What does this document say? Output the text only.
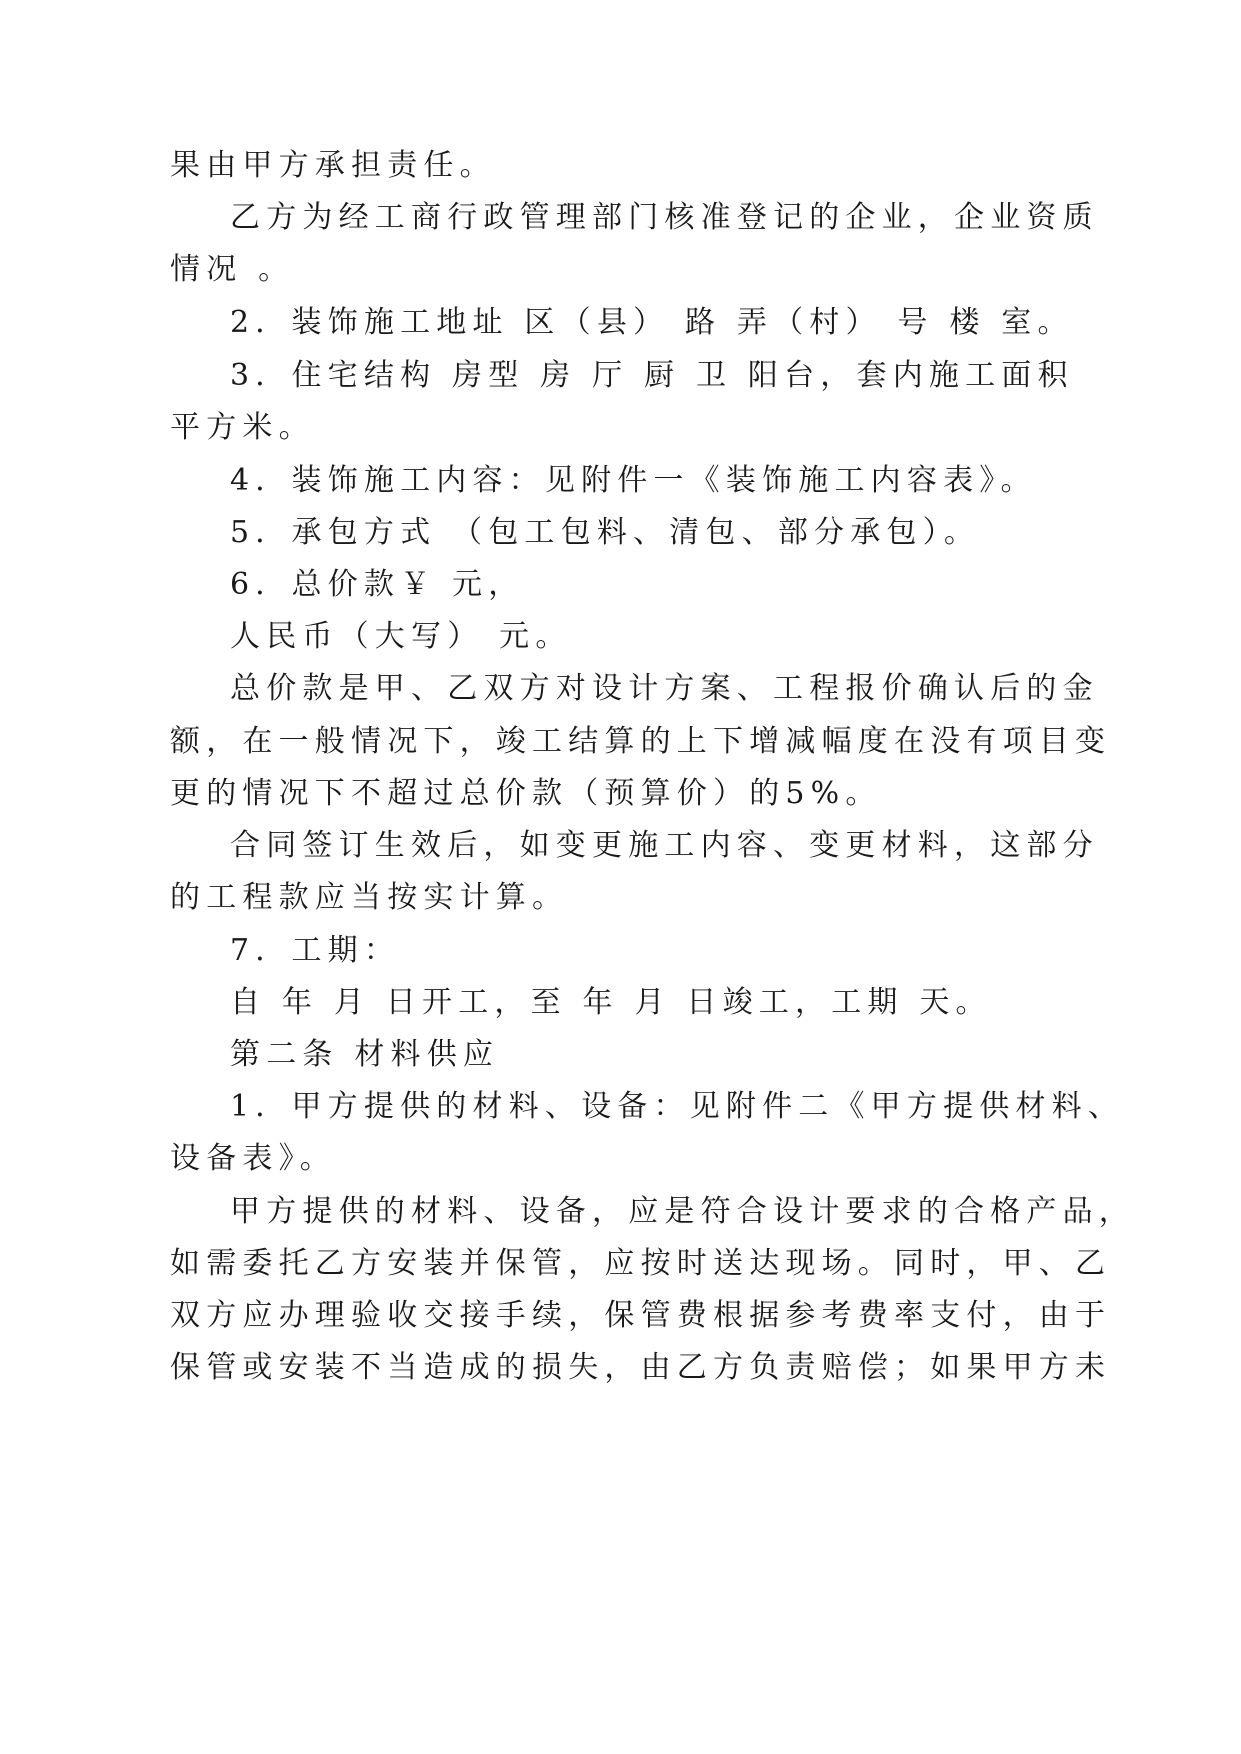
果由甲方承担责任。

乙方为经工商行政管理部门核准登记的企业，企业资质

情况 。

2．装饰施工地址 区（县） 路 弄（村） 号 楼 室。

3．住宅结构 房型 房 厅 厨 卫 阳台，套内施工面积

平方米。

4．装饰施工内容：见附件一《装饰施工内容表》。

5．承包方式 （包工包料、清包、部分承包）。

6．总价款￥ 元，

人民币（大写） 元。

总价款是甲、乙双方对设计方案、工程报价确认后的金

额，在一般情况下，竣工结算的上下增减幅度在没有项目变

更的情况下不超过总价款（预算价）的5%。

合同签订生效后，如变更施工内容、变更材料，这部分

的工程款应当按实计算。

7．工期：

自 年 月 日开工，至 年 月 日竣工，工期 天。

第二条 材料供应

1．甲方提供的材料、设备：见附件二《甲方提供材料、

设备表》。

甲方提供的材料、设备，应是符合设计要求的合格产品，

如需委托乙方安装并保管，应按时送达现场。同时，甲、乙

双方应办理验收交接手续，保管费根据参考费率支付，由于

保管或安装不当造成的损失，由乙方负责赔偿；如果甲方未
